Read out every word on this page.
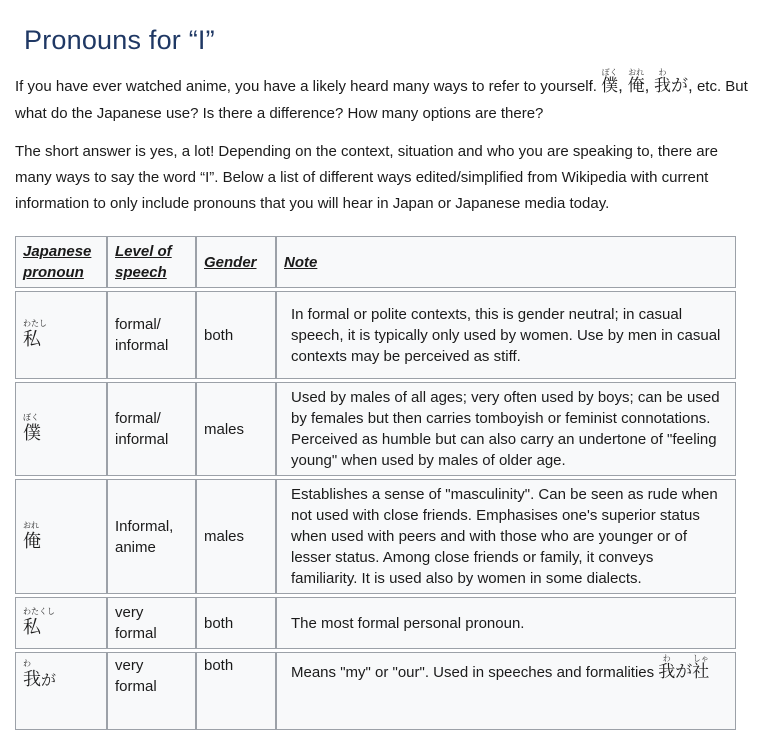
Pronouns for “I”

If you have ever watched anime, you have a likely heard many ways to refer to yourself.
ぼく
僕,
おれ
俺,
わ
我が, etc. But what do the Japanese use? Is there a difference? How many options are there?

The short answer is yes, a lot! Depending on the context, situation and who you are speaking to, there are many ways to say the word “I”. Below a list of different ways edited/simplified from Wikipedia with current information to only include pronouns that you will hear in Japan or Japanese media today.

Japanese pronoun	Level of speech	Gender	Note

わたし
私	formal/ informal	both	In formal or polite contexts, this is gender neutral; in casual speech, it is typically only used by women. Use by men in casual contexts may be perceived as stiff.

ぼく
僕	formal/ informal	males	Used by males of all ages; very often used by boys; can be used by females but then carries tomboyish or feminist connotations. Perceived as humble but can also carry an undertone of "feeling young" when used by males of older age.

おれ
俺	Informal, anime	males	Establishes a sense of "masculinity". Can be seen as rude when not used with close friends. Emphasises one's superior status when used with peers and with those who are younger or of lesser status. Among close friends or family, it conveys familiarity. It is used also by women in some dialects.

わたくし
私	very formal	both	The most formal personal pronoun.

わ
我が	very formal	both	Means "my" or "our". Used in speeches and formalities
わ
我が
しゃ
社
